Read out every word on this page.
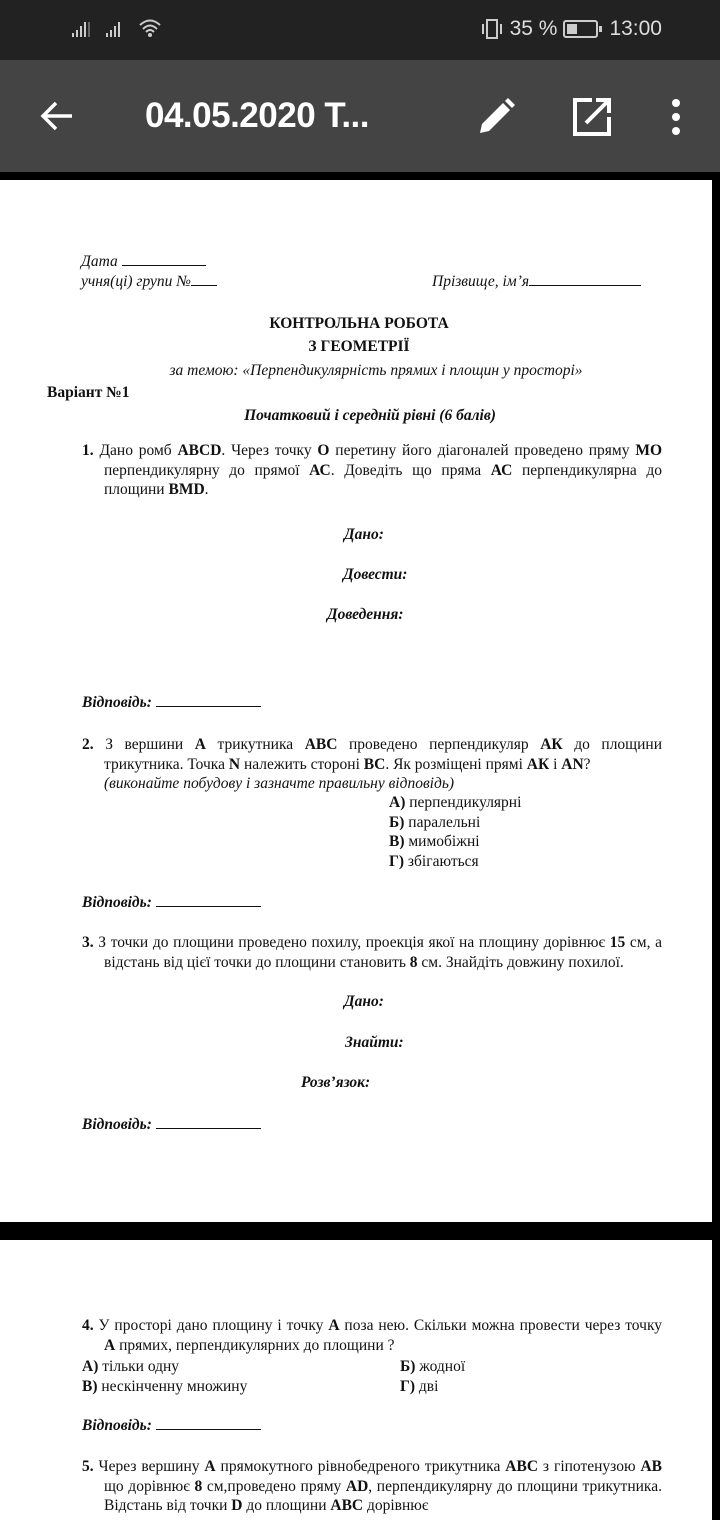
35 % 13:00
04.05.2020 Т...
Дата
учня(ці) групи №	Прізвище, ім’я
КОНТРОЛЬНА РОБОТА
З ГЕОМЕТРІЇ
за темою: «Перпендикулярність прямих і площин у просторі»
Варіант №1
Початковий і середній рівні (6 балів)
1. Дано ромб ABCD. Через точку О перетину його діагоналей проведено пряму МО перпендикулярну до прямої АС. Доведіть що пряма АС перпендикулярна до площини BMD.
Дано:
Довести:
Доведення:
Відповідь:
2. З вершини А трикутника АВС проведено перпендикуляр АК до площини трикутника. Точка N належить стороні ВС. Як розміщені прямі АК і АN?
(виконайте побудову і зазначте правильну відповідь)
А) перпендикулярні
Б) паралельні
В) мимобіжні
Г) збігаються
Відповідь:
3. З точки до площини проведено похилу, проекція якої на площину дорівнює 15 см, а відстань від цієї точки до площини становить 8 см. Знайдіть довжину похилої.
Дано:
Знайти:
Розв’язок:
Відповідь:
4. У просторі дано площину і точку А поза нею. Скільки можна провести через точку А прямих, перпендикулярних до площини ?
А) тільки одну	Б) жодної
В) нескінченну множину	Г) дві
Відповідь:
5. Через вершину А прямокутного рівнобедреного трикутника АВС з гіпотенузою АВ що дорівнює 8 см,проведено пряму AD, перпендикулярну до площини трикутника. Відстань від точки D до площини АВС дорівнює
